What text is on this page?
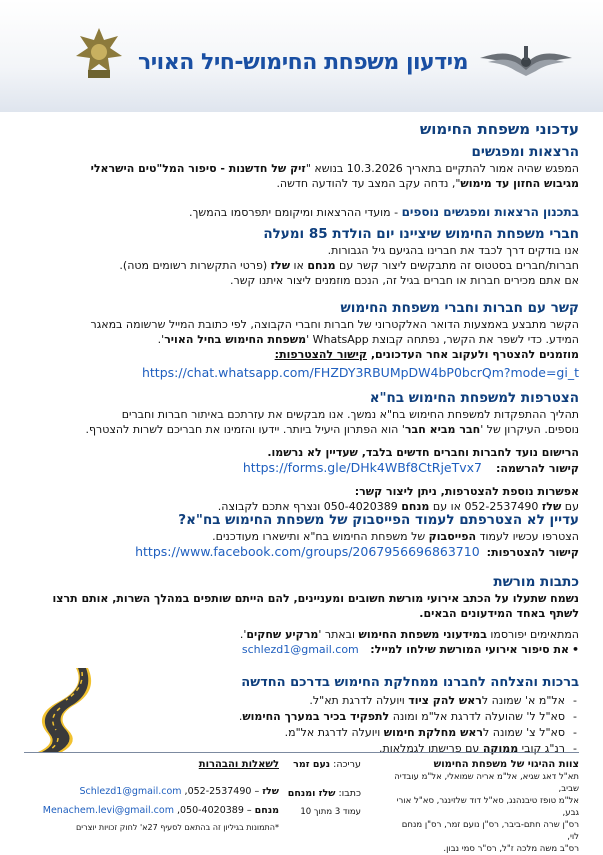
מידעון משפחת החימוש-חיל האויר
עדכוני משפחת החימוש
הרצאות ומפגשים
המפגש שהיה אמור להתקיים בתאריך 10.3.2026 בנושא "זיק של חדשנות - סיפור המל"טים הישראלי
מגיבוש החזון עד מימוש", נדחה עקב המצב עד להודעה חדשה.
בתכנון הרצאות ומפגשים נוספים - מועדי ההרצאות ומיקומם יתפרסמו בהמשך.
חברי משפחת החימוש שיציינו יום הולדת 85 ומעלה
אנו בודקים דרך לכבד את חברינו בהגיעם גיל הגבורות.
חברות/חברים בסטטוס זה מתבקשים ליצור קשר עם מנחם או שלז (פרטי התקשרות רשומים מטה).
אם אתם מכירים חברות או חברים בגיל זה, הנכם מוזמנים ליצור איתנו קשר.
קשר עם חברות וחברי משפחת החימוש
הקשר מתבצע באמצעות הדואר האלקטרוני של חברות וחברי הקבוצה, לפי כתובת המייל שרשומה במאגר
המידע. כדי לשפר את הקשר, נפתחה קבוצת WhatsApp 'משפחת החימוש בחיל האויר'.
מוזמנים להצטרף ולעקוב אחר העדכונים, קישור להצטרפות:
https://chat.whatsapp.com/FHZDY3RBUMpDW4bP0bcrQm?mode=gi_t
הצטרפות למשפחת החימוש בח"א
תהליך ההתפקדות למשפחת החימוש בח"א נמשך. אנו מבקשים את עזרתכם באיתור חברות וחברים
נוספים. העיקרון של 'חבר מביא חבר' הוא הפתרון היעיל ביותר. יידעו והזמינו את חבריכם לשרות להצטרף.
הרישום נועד לחברות וחברים חדשים בלבד, שעדיין לא נרשמו.
קישור להרשמה:    https://forms.gle/DHk4WBf8CtRjeTvx7
אפשרות נוספת להצטרפות, ניתן ליצור קשר:
עם שלז 052-2537490 או עם מנחם 050-4020389 ונצרף אתכם לקבוצה.
עדיין לא הצטרפתם לעמוד הפייסבוק של משפחת החימוש בח"א?
הצטרפו עכשיו לעמוד הפייסבוק של משפחת החימוש בח"א ותישארו מעודכנים.
קישור להצטרפות:  https://www.facebook.com/groups/2067956696863710
כתבות מורשת
נשמח שתעלו על הכתב אירועי מורשת חשובים ומעניינים, להם הייתם שותפים במהלך השרות, אותם תרצו
לשתף באחד המידעונים הבאים.
המתאימים יפורסמו במידעוני משפחת החימוש ובאתר 'מרקיע שחקים'.
•
את סיפור אירועי המורשת שילחו למייל:   schlezd1@gmail.com
ברכות והצלחה לחברנו ממחלקת החימוש בדרכם החדשה
- אל"מ א' שמונה לראש להק ציוד ויועלה לדרגת תא"ל.
- סא"ל ל' שהועלה לדרגת אל"מ ומונה לתפקיד בכיר במערך החימוש.
- סא"ל צ' שמונה לראש מחלקת חימוש ויועלה לדרגת אל"מ.
- רנ"ג קובי ממוקה עם פרישתו לגמלאות.
צוות ההיגוי של משפחת החימוש
תא"ל דאג שגיא, אל"מ אריה שמואלי, אל"מ עובדיה שביב,
אל"מ טופז טיבנהנג, סא"ל דוד שלזינגר, סא"ל אורי גבע,
רס"ן שרה חתם-ביבר, רס"ן נועם זמר, רס"ן מנחם לוי,
רס"ב משה מלכה ז"ל, רס"ר סמי נבון.
עריכה: נעם זמר
כתבו: שלז ומנחם
עמוד 3 מתוך 10
לשאלות והבהרות
שלז – 052-2537490, Schlezd1@gmail.com
מנחם – 050-4020389, Menachem.levi@gmail.com
*התמונות בגיליון זה בהתאם לסעיף 27א' לחוק זכויות יוצרים
